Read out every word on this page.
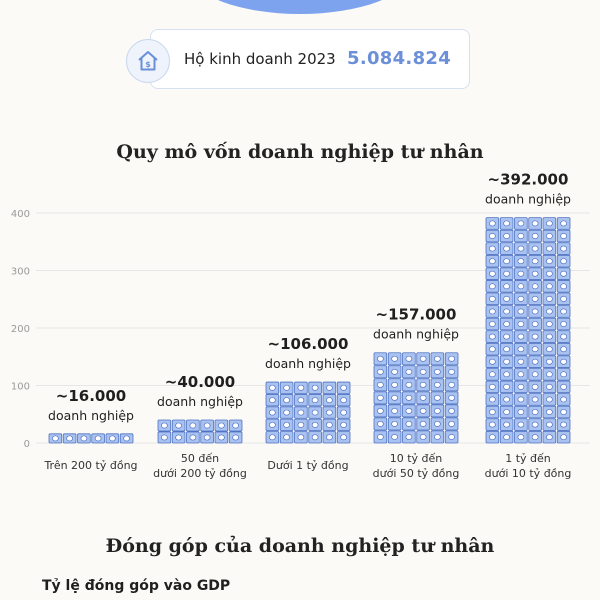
$ Hộ kinh doanh 2023 5.084.824
Quy mô vốn doanh nghiệp tư nhân
0
100
200
300
400
~16.000
doanh nghiệp
Trên 200 tỷ đồng
~40.000
doanh nghiệp
50 đến
dưới 200 tỷ đồng
~106.000
doanh nghiệp
Dưới 1 tỷ đồng
~157.000
doanh nghiệp
10 tỷ đến
dưới 50 tỷ đồng
~392.000
doanh nghiệp
1 tỷ đến
dưới 10 tỷ đồng
Đóng góp của doanh nghiệp tư nhân
Tỷ lệ đóng góp vào GDP
